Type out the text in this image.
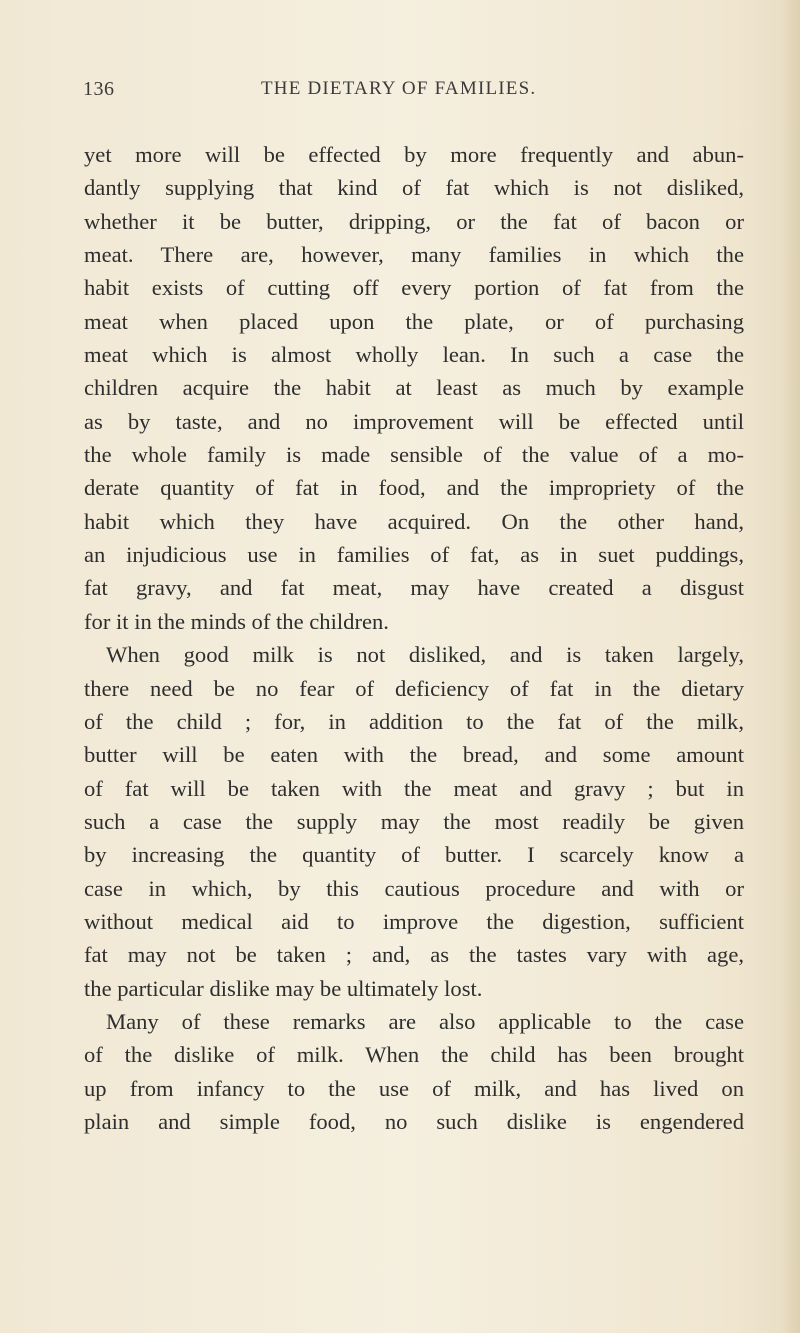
136	THE DIETARY OF FAMILIES.
yet more will be effected by more frequently and abun-
dantly supplying that kind of fat which is not disliked,
whether it be butter, dripping, or the fat of bacon or
meat. There are, however, many families in which the
habit exists of cutting off every portion of fat from the
meat when placed upon the plate, or of purchasing
meat which is almost wholly lean. In such a case the
children acquire the habit at least as much by example
as by taste, and no improvement will be effected until
the whole family is made sensible of the value of a mo-
derate quantity of fat in food, and the impropriety of the
habit which they have acquired. On the other hand,
an injudicious use in families of fat, as in suet puddings,
fat gravy, and fat meat, may have created a disgust
for it in the minds of the children.
When good milk is not disliked, and is taken largely,
there need be no fear of deficiency of fat in the dietary
of the child ; for, in addition to the fat of the milk,
butter will be eaten with the bread, and some amount
of fat will be taken with the meat and gravy ; but in
such a case the supply may the most readily be given
by increasing the quantity of butter. I scarcely know a
case in which, by this cautious procedure and with or
without medical aid to improve the digestion, sufficient
fat may not be taken ; and, as the tastes vary with age,
the particular dislike may be ultimately lost.
Many of these remarks are also applicable to the case
of the dislike of milk. When the child has been brought
up from infancy to the use of milk, and has lived on
plain and simple food, no such dislike is engendered
